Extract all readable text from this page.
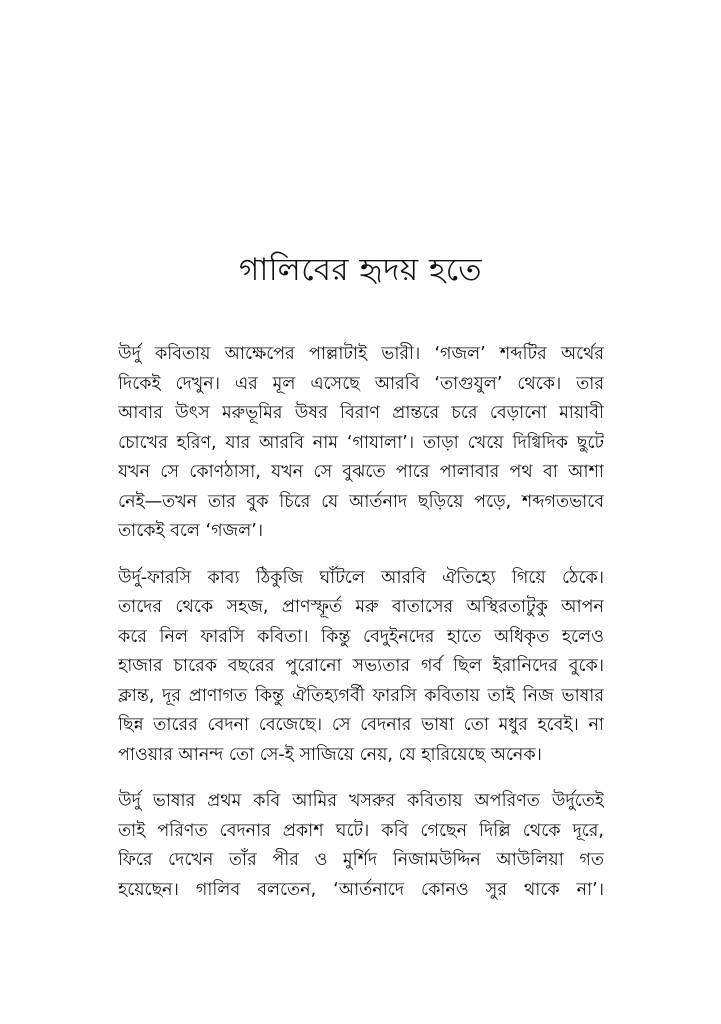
গালিবের হৃদয় হতে

উর্দু কবিতায় আক্ষেপের পাল্লাটাই ভারী। ‘গজল’ শব্দটির অর্থের
দিকেই দেখুন। এর মূল এসেছে আরবি ‘তাগুযুল’ থেকে। তার
আবার উৎস মরুভূমির উষর বিরাণ প্রান্তরে চরে বেড়ানো মায়াবী
চোখের হরিণ, যার আরবি নাম ‘গাযালা’। তাড়া খেয়ে দিগ্বিদিক ছুটে
যখন সে কোণঠাসা, যখন সে বুঝতে পারে পালাবার পথ বা আশা
নেই—তখন তার বুক চিরে যে আর্তনাদ ছড়িয়ে পড়ে, শব্দগতভাবে
তাকেই বলে ‘গজল’।

উর্দু-ফারসি কাব্য ঠিকুজি ঘাঁটলে আরবি ঐতিহ্যে গিয়ে ঠেকে।
তাদের থেকে সহজ, প্রাণস্ফূর্ত মরু বাতাসের অস্থিরতাটুকু আপন
করে নিল ফারসি কবিতা। কিন্তু বেদুইনদের হাতে অধিকৃত হলেও
হাজার চারেক বছরের পুরোনো সভ্যতার গর্ব ছিল ইরানিদের বুকে।
ক্লান্ত, দূর প্রাণাগত কিন্তু ঐতিহ্যগর্বী ফারসি কবিতায় তাই নিজ ভাষার
ছিন্ন তারের বেদনা বেজেছে। সে বেদনার ভাষা তো মধুর হবেই। না
পাওয়ার আনন্দ তো সে-ই সাজিয়ে নেয়, যে হারিয়েছে অনেক।

উর্দু ভাষার প্রথম কবি আমির খসরুর কবিতায় অপরিণত উর্দুতেই
তাই পরিণত বেদনার প্রকাশ ঘটে। কবি গেছেন দিল্লি থেকে দূরে,
ফিরে দেখেন তাঁর পীর ও মুর্শিদ নিজামউদ্দিন আউলিয়া গত
হয়েছেন। গালিব বলতেন, ‘আর্তনাদে কোনও সুর থাকে না’।
